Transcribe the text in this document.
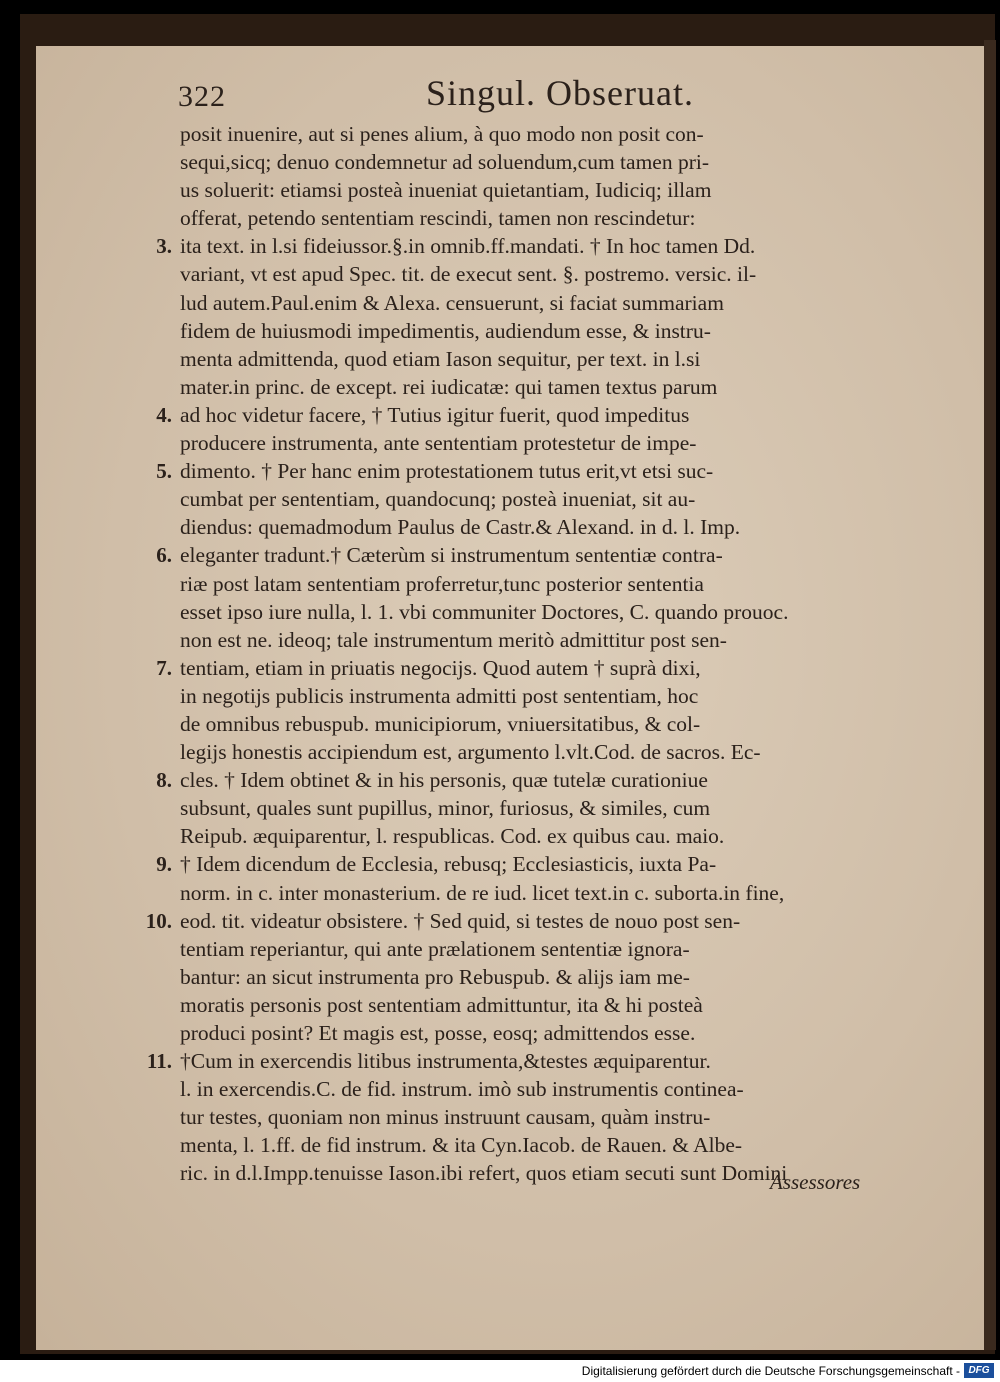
322	Singul. Obseruat.
posit inuenire, aut si penes alium, à quo modo non posit con-
sequi,sicq; denuo condemnetur ad soluendum,cum tamen pri-
us soluerit: etiamsi posteà inueniat quietantiam, Iudiciq; illam
offerat, petendo sententiam rescindi, tamen non rescindetur:
ita text. in l.si fideiussor.§.in omnib.ff.mandati. † In hoc tamen Dd.
3.
variant, vt est apud Spec. tit. de execut sent. §. postremo. versic. il-
lud autem.Paul.enim & Alexa. censuerunt, si faciat summariam
fidem de huiusmodi impedimentis, audiendum esse, & instru-
menta admittenda, quod etiam Iason sequitur, per text. in l.si
mater.in princ. de except. rei iudicatæ: qui tamen textus parum
ad hoc videtur facere, † Tutius igitur fuerit, quod impeditus
4.
producere instrumenta, ante sententiam protestetur de impe-
dimento. † Per hanc enim protestationem tutus erit,vt etsi suc-
5.
cumbat per sententiam, quandocunq; posteà inueniat, sit au-
diendus: quemadmodum Paulus de Castr.& Alexand. in d. l. Imp.
eleganter tradunt.† Cæterùm si instrumentum sententiæ contra-
6.
riæ post latam sententiam proferretur,tunc posterior sententia
esset ipso iure nulla, l. 1. vbi communiter Doctores, C. quando prouoc.
non est ne. ideoq; tale instrumentum meritò admittitur post sen-
tentiam, etiam in priuatis negocijs. Quod autem † suprà dixi,
7.
in negotijs publicis instrumenta admitti post sententiam, hoc
de omnibus rebuspub. municipiorum, vniuersitatibus, & col-
legijs honestis accipiendum est, argumento l.vlt.Cod. de sacros. Ec-
cles. † Idem obtinet & in his personis, quæ tutelæ curationiue
8.
subsunt, quales sunt pupillus, minor, furiosus, & similes, cum
Reipub. æquiparentur, l. respublicas. Cod. ex quibus cau. maio.
† Idem dicendum de Ecclesia, rebusq; Ecclesiasticis, iuxta Pa-
9.
norm. in c. inter monasterium. de re iud. licet text.in c. suborta.in fine,
eod. tit. videatur obsistere. † Sed quid, si testes de nouo post sen-
10.
tentiam reperiantur, qui ante prælationem sententiæ ignora-
bantur: an sicut instrumenta pro Rebuspub. & alijs iam me-
moratis personis post sententiam admittuntur, ita & hi posteà
produci posint? Et magis est, posse, eosq; admittendos esse.
†Cum in exercendis litibus instrumenta,&testes æquiparentur.
11.
l. in exercendis.C. de fid. instrum. imò sub instrumentis continea-
tur testes, quoniam non minus instruunt causam, quàm instru-
menta, l. 1.ff. de fid instrum. & ita Cyn.Iacob. de Rauen. & Albe-
ric. in d.l.Impp.tenuisse Iason.ibi refert, quos etiam secuti sunt Domini
Assessores
Digitalisierung gefördert durch die Deutsche Forschungsgemeinschaft - DFG
